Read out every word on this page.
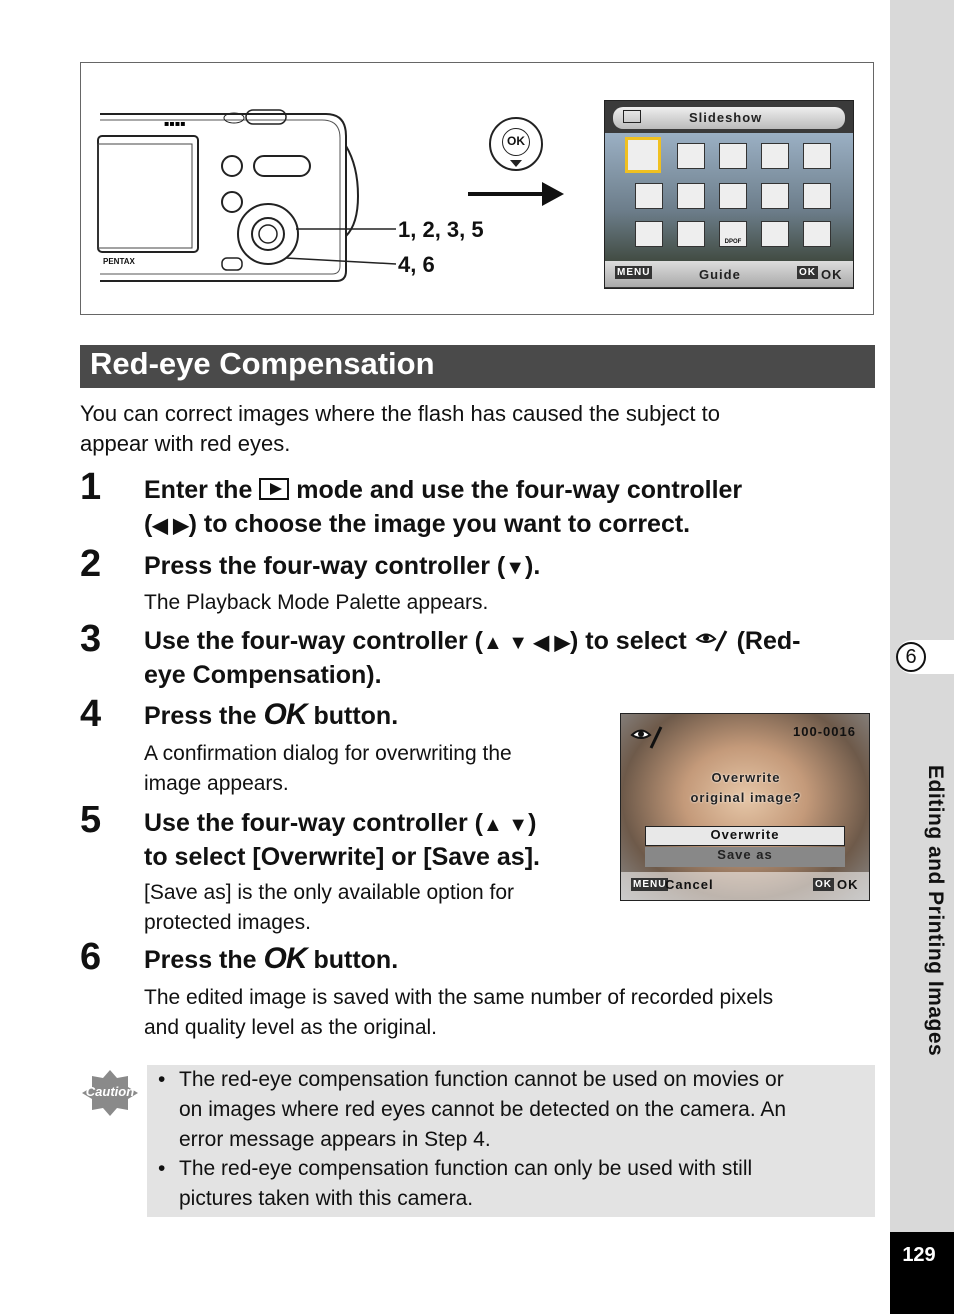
6
Editing and Printing Images
129
▪▪▪▪
PENTAX
1, 2, 3, 5
4, 6
OK
Slideshow
DPOF
MENU	Guide	OK OK
Red-eye Compensation
You can correct images where the flash has caused the subject to
appear with red eyes.
1 Enter the mode and use the four-way controller
(◀ ▶) to choose the image you want to correct.
2 Press the four-way controller (▼).
The Playback Mode Palette appears.
3 Use the four-way controller (▲ ▼ ◀ ▶) to select (Red-
eye Compensation).
4 Press the OK button.
A confirmation dialog for overwriting the
image appears.
5 Use the four-way controller (▲ ▼)
to select [Overwrite] or [Save as].
[Save as] is the only available option for
protected images.
100-0016
Overwrite
original image?
Overwrite
Save as
MENU
Cancel	OK OK
6 Press the OK button.
The edited image is saved with the same number of recorded pixels
and quality level as the original.
Caution
• The red-eye compensation function cannot be used on movies or
on images where red eyes cannot be detected on the camera. An
error message appears in Step 4.
• The red-eye compensation function can only be used with still
pictures taken with this camera.
